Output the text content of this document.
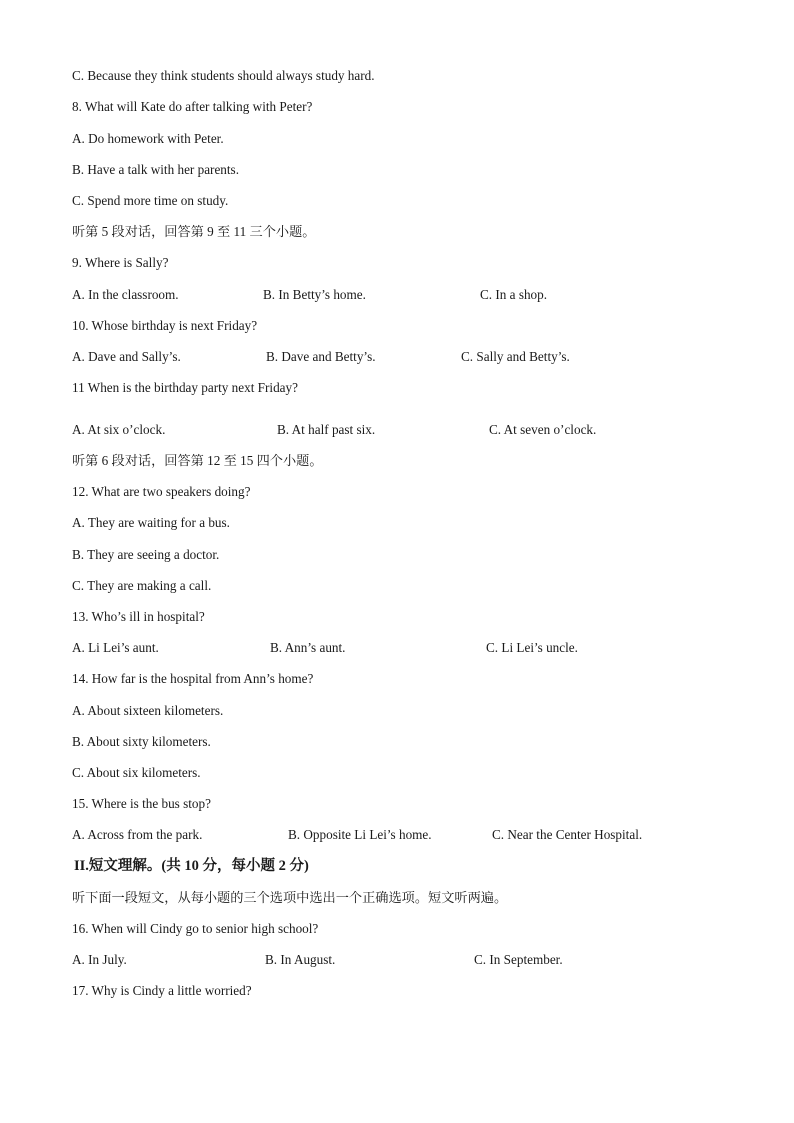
C. Because they think students should always study hard.
8. What will Kate do after talking with Peter?
A. Do homework with Peter.
B. Have a talk with her parents.
C. Spend more time on study.
听第 5 段对话，回答第 9 至 11 三个小题。
9. Where is Sally?
A. In the classroom.	B. In Betty’s home.	C. In a shop.
10. Whose birthday is next Friday?
A. Dave and Sally’s.	B. Dave and Betty’s.	C. Sally and Betty’s.
11 When is the birthday party next Friday?
A. At six o’clock.	B. At half past six.	C. At seven o’clock.
听第 6 段对话，回答第 12 至 15 四个小题。
12. What are two speakers doing?
A. They are waiting for a bus.
B. They are seeing a doctor.
C. They are making a call.
13. Who’s ill in hospital?
A. Li Lei’s aunt.	B. Ann’s aunt.	C. Li Lei’s uncle.
14. How far is the hospital from Ann’s home?
A. About sixteen kilometers.
B. About sixty kilometers.
C. About six kilometers.
15. Where is the bus stop?
A. Across from the park.	B. Opposite Li Lei’s home.	C. Near the Center Hospital.
II.短文理解。(共 10 分，每小题 2 分)
听下面一段短文，从每小题的三个选项中选出一个正确选项。短文听两遍。
16. When will Cindy go to senior high school?
A. In July.	B. In August.	C. In September.
17. Why is Cindy a little worried?
